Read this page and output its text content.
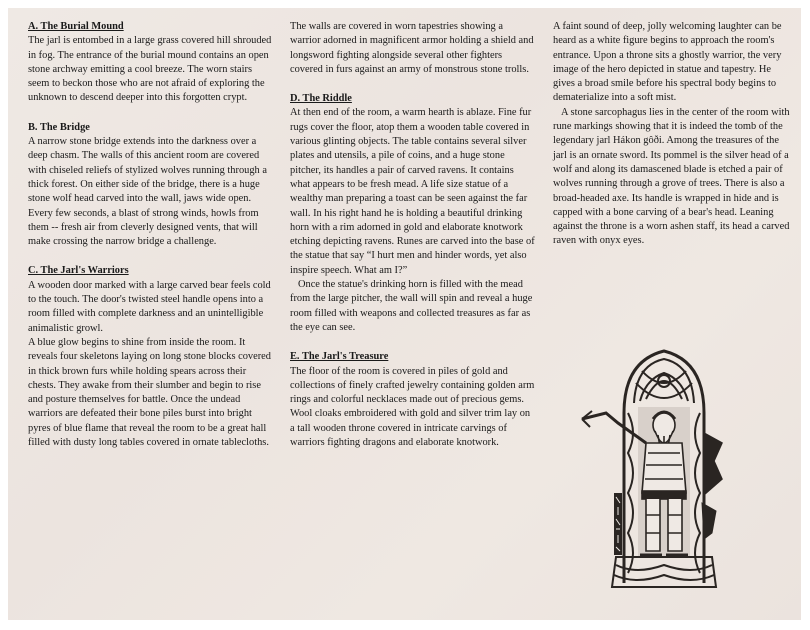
A. The Burial Mound

The jarl is entombed in a large grass covered hill shrouded in fog. The entrance of the burial mound contains an open stone archway emitting a cool breeze. The worn stairs seem to beckon those who are not afraid of exploring the unknown to descend deeper into this forgotten crypt.

B. The Bridge

A narrow stone bridge extends into the darkness over a deep chasm. The walls of this ancient room are covered with chiseled reliefs of stylized wolves running through a thick forest. On either side of the bridge, there is a huge stone wolf head carved into the wall, jaws wide open. Every few seconds, a blast of strong winds, howls from them -- fresh air from cleverly designed vents, that will make crossing the narrow bridge a challenge.

C. The Jarl's Warriors

A wooden door marked with a large carved bear feels cold to the touch. The door's twisted steel handle opens into a room filled with complete darkness and an unintelligible animalistic growl.

A blue glow begins to shine from inside the room. It reveals four skeletons laying on long stone blocks covered in thick brown furs while holding spears across their chests. They awake from their slumber and begin to rise and posture themselves for battle. Once the undead warriors are defeated their bone piles burst into bright pyres of blue flame that reveal the room to be a great hall filled with dusty long tables covered in ornate tablecloths.

The walls are covered in worn tapestries showing a warrior adorned in magnificent armor holding a shield and longsword fighting alongside several other fighters covered in furs against an army of monstrous stone trolls.

D. The Riddle

At then end of the room, a warm hearth is ablaze. Fine fur rugs cover the floor, atop them a wooden table covered in various glinting objects. The table contains several silver plates and utensils, a pile of coins, and a huge stone pitcher, its handles a pair of carved ravens. It contains what appears to be fresh mead. A life size statue of a wealthy man preparing a toast can be seen against the far wall. In his right hand he is holding a beautiful drinking horn with a rim adorned in gold and elaborate knotwork etching depicting ravens. Runes are carved into the base of the statue that say “I hurt men and hinder words, yet also inspire speech. What am I?”

Once the statue's drinking horn is filled with the mead from the large pitcher, the wall will spin and reveal a huge room filled with weapons and collected treasures as far as the eye can see.

E. The Jarl's Treasure

The floor of the room is covered in piles of gold and collections of finely crafted jewelry containing golden arm rings and colorful necklaces made out of precious gems. Wool cloaks embroidered with gold and silver trim lay on a tall wooden throne covered in intricate carvings of warriors fighting dragons and elaborate knotwork.

A faint sound of deep, jolly welcoming laughter can be heard as a white figure begins to approach the room's entrance. Upon a throne sits a ghostly warrior, the very image of the hero depicted in statue and tapestry. He gives a broad smile before his spectral body begins to dematerialize into a soft mist.

A stone sarcophagus lies in the center of the room with rune markings showing that it is indeed the tomb of the legendary jarl Hákon gôði. Among the treasures of the jarl is an ornate sword. Its pommel is the silver head of a wolf and along its damascened blade is etched a pair of wolves running through a grove of trees. There is also a broad-headed axe. Its handle is wrapped in hide and is capped with a bone carving of a bear's head. Leaning against the throne is a worn ashen staff, its head a carved raven with onyx eyes.
